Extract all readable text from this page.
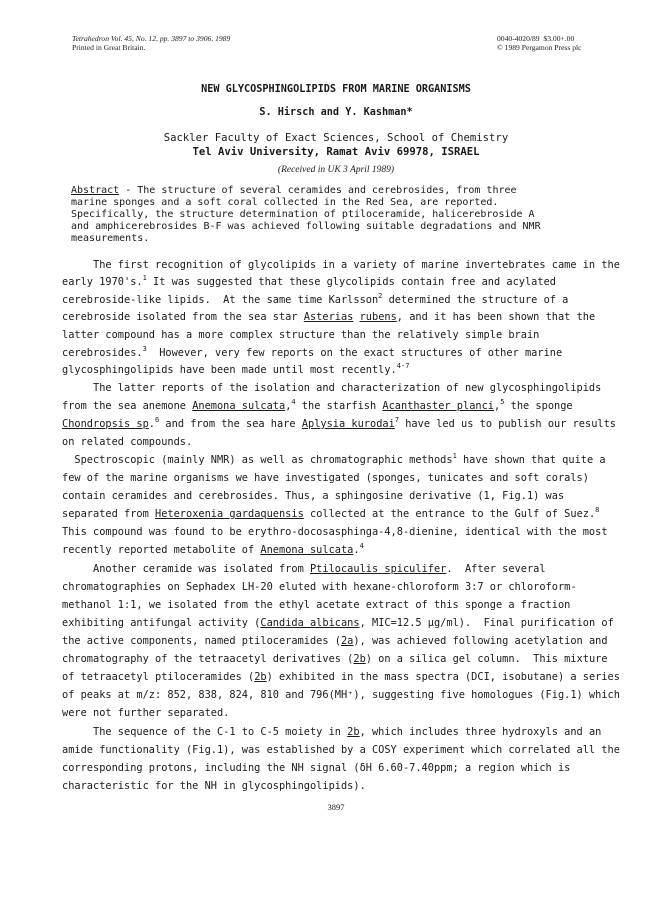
Tetrahedron Vol. 45, No. 12, pp. 3897 to 3906, 1989
Printed in Great Britain.
0040-4020/89  $3.00+.00
© 1989 Pergamon Press plc
NEW GLYCOSPHINGOLIPIDS FROM MARINE ORGANISMS
S. Hirsch and Y. Kashman*
Sackler Faculty of Exact Sciences, School of Chemistry
Tel Aviv University, Ramat Aviv 69978, ISRAEL
(Received in UK 3 April 1989)
Abstract - The structure of several ceramides and cerebrosides, from three
marine sponges and a soft coral collected in the Red Sea, are reported.
Specifically, the structure determination of ptiloceramide, halicerebroside A
and amphicerebrosides B-F was achieved following suitable degradations and NMR
measurements.
The first recognition of glycolipids in a variety of marine invertebrates came in the
early 1970's.$^1$ It was suggested that these glycolipids contain free and acylated
cerebroside-like lipids.  At the same time Karlsson$^2$ determined the structure of a
cerebroside isolated from the sea star Asterias rubens, and it has been shown that the
latter compound has a more complex structure than the relatively simple brain
cerebrosides.$^3$  However, very few reports on the exact structures of other marine
glycosphingolipids have been made until most recently.$^{4-7}$
The latter reports of the isolation and characterization of new glycosphingolipids
from the sea anemone Anemona sulcata,$^4$ the starfish Acanthaster planci,$^5$ the sponge
Chondropsis sp.$^6$ and from the sea hare Aplysia kurodai$^7$ have led us to publish our results
on related compounds.
Spectroscopic (mainly NMR) as well as chromatographic methods$^1$ have shown that quite a
few of the marine organisms we have investigated (sponges, tunicates and soft corals)
contain ceramides and cerebrosides. Thus, a sphingosine derivative (1, Fig.1) was
separated from Heteroxenia gardaquensis collected at the entrance to the Gulf of Suez.$^8$
This compound was found to be erythro-docosasphinga-4,8-dienine, identical with the most
recently reported metabolite of Anemona sulcata.$^4$
Another ceramide was isolated from Ptilocaulis spiculifer.  After several
chromatographies on Sephadex LH-20 eluted with hexane-chloroform 3:7 or chloroform-
methanol 1:1, we isolated from the ethyl acetate extract of this sponge a fraction
exhibiting antifungal activity (Candida albicans, MIC=12.5 μg/ml).  Final purification of
the active components, named ptiloceramides (2a), was achieved following acetylation and
chromatography of the tetraacetyl derivatives (2b) on a silica gel column.  This mixture
of tetraacetyl ptiloceramides (2b) exhibited in the mass spectra (DCI, isobutane) a series
of peaks at m/z: 852, 838, 824, 810 and 796(MH⁺), suggesting five homologues (Fig.1) which
were not further separated.
The sequence of the C-1 to C-5 moiety in 2b, which includes three hydroxyls and an
amide functionality (Fig.1), was established by a COSY experiment which correlated all the
corresponding protons, including the NH signal (δH 6.60-7.40ppm; a region which is
characteristic for the NH in glycosphingolipids).
3897
